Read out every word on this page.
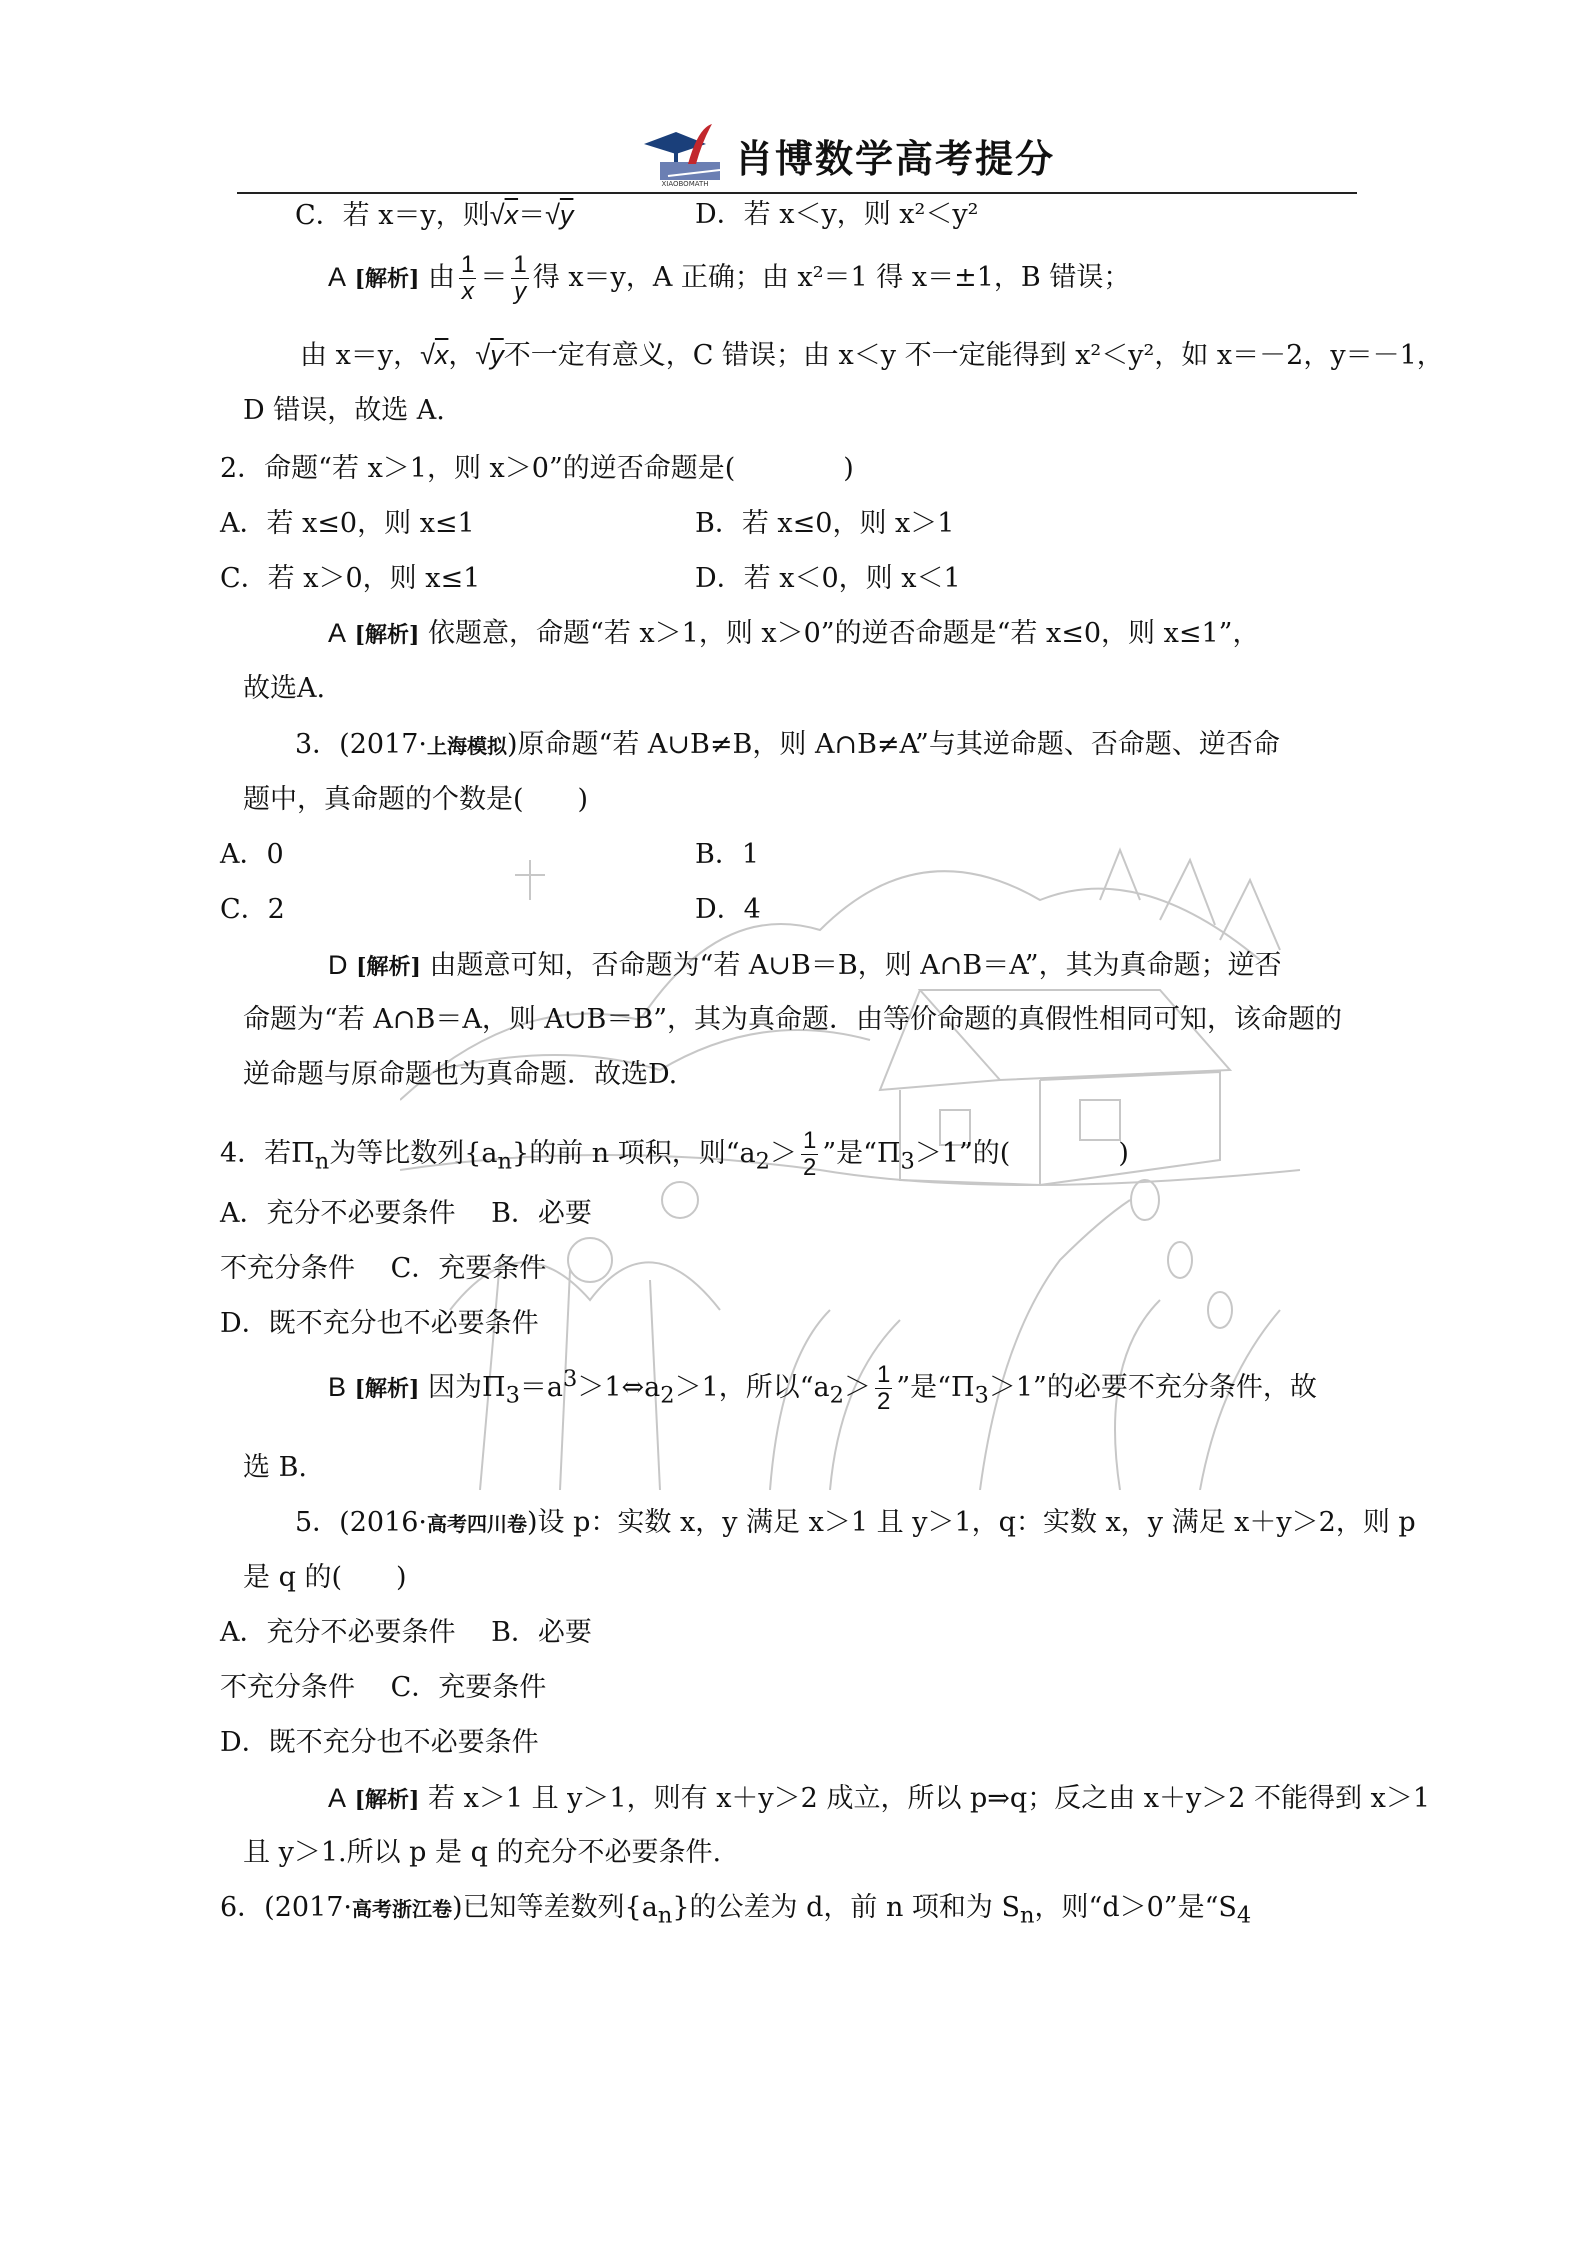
XIAOBOMATH
肖博数学高考提分
C．若 x＝y，则√x＝√y	D．若 x＜y，则 x²＜y²
A [解析] 由 $\frac{1}{x} = \frac{1}{y}$ 得 x＝y，A 正确；由 x²＝1 得 x＝±1，B 错误；
由 x＝y，√x，√y不一定有意义，C 错误；由 x＜y 不一定能得到 x²＜y²，如 x＝－2，y＝－1，
D 错误，故选 A.
2．命题“若 x＞1，则 x＞0”的逆否命题是(　　　　)
A．若 x≤0，则 x≤1	B．若 x≤0，则 x＞1
C．若 x＞0，则 x≤1	D．若 x＜0，则 x＜1
A [解析] 依题意，命题“若 x＞1，则 x＞0”的逆否命题是“若 x≤0，则 x≤1”，
故选A.
3．(2017·上海模拟)原命题“若 A∪B≠B，则 A∩B≠A”与其逆命题、否命题、逆否命
题中，真命题的个数是(　　)
A．0	B．1
C．2	D．4
D [解析] 由题意可知，否命题为“若 A∪B＝B，则 A∩B＝A”，其为真命题；逆否
命题为“若 A∩B＝A，则 A∪B＝B”，其为真命题．由等价命题的真假性相同可知，该命题的
逆命题与原命题也为真命题．故选D.
4．若$\Pi_n$为等比数列$\{a_n\}$的前 n 项积，则“$a_2> \frac{1}{2}$ ”是“$\Pi_3>1$”的(　　　　)
A．充分不必要条件　 B．必要
不充分条件　 C．充要条件
D．既不充分也不必要条件
B [解析] 因为$\Pi_3=a^3>1\Leftrightarrow a_2>1$，所以“$a_2> \frac{1}{2}$ ”是“$\Pi_3>1$”的必要不充分条件，故
选 B.
5．(2016·高考四川卷)设 p：实数 x，y 满足 x＞1 且 y＞1，q：实数 x，y 满足 x＋y＞2，则 p
是 q 的(　　)
A．充分不必要条件　 B．必要
不充分条件　 C．充要条件
D．既不充分也不必要条件
A [解析] 若 x＞1 且 y＞1，则有 x＋y＞2 成立，所以 p⇒q；反之由 x＋y＞2 不能得到 x＞1
且 y＞1.所以 p 是 q 的充分不必要条件.
6．(2017·高考浙江卷)已知等差数列$\{a_n\}$的公差为 d，前 n 项和为 $S_n$，则“d＞0”是“$S_4$
